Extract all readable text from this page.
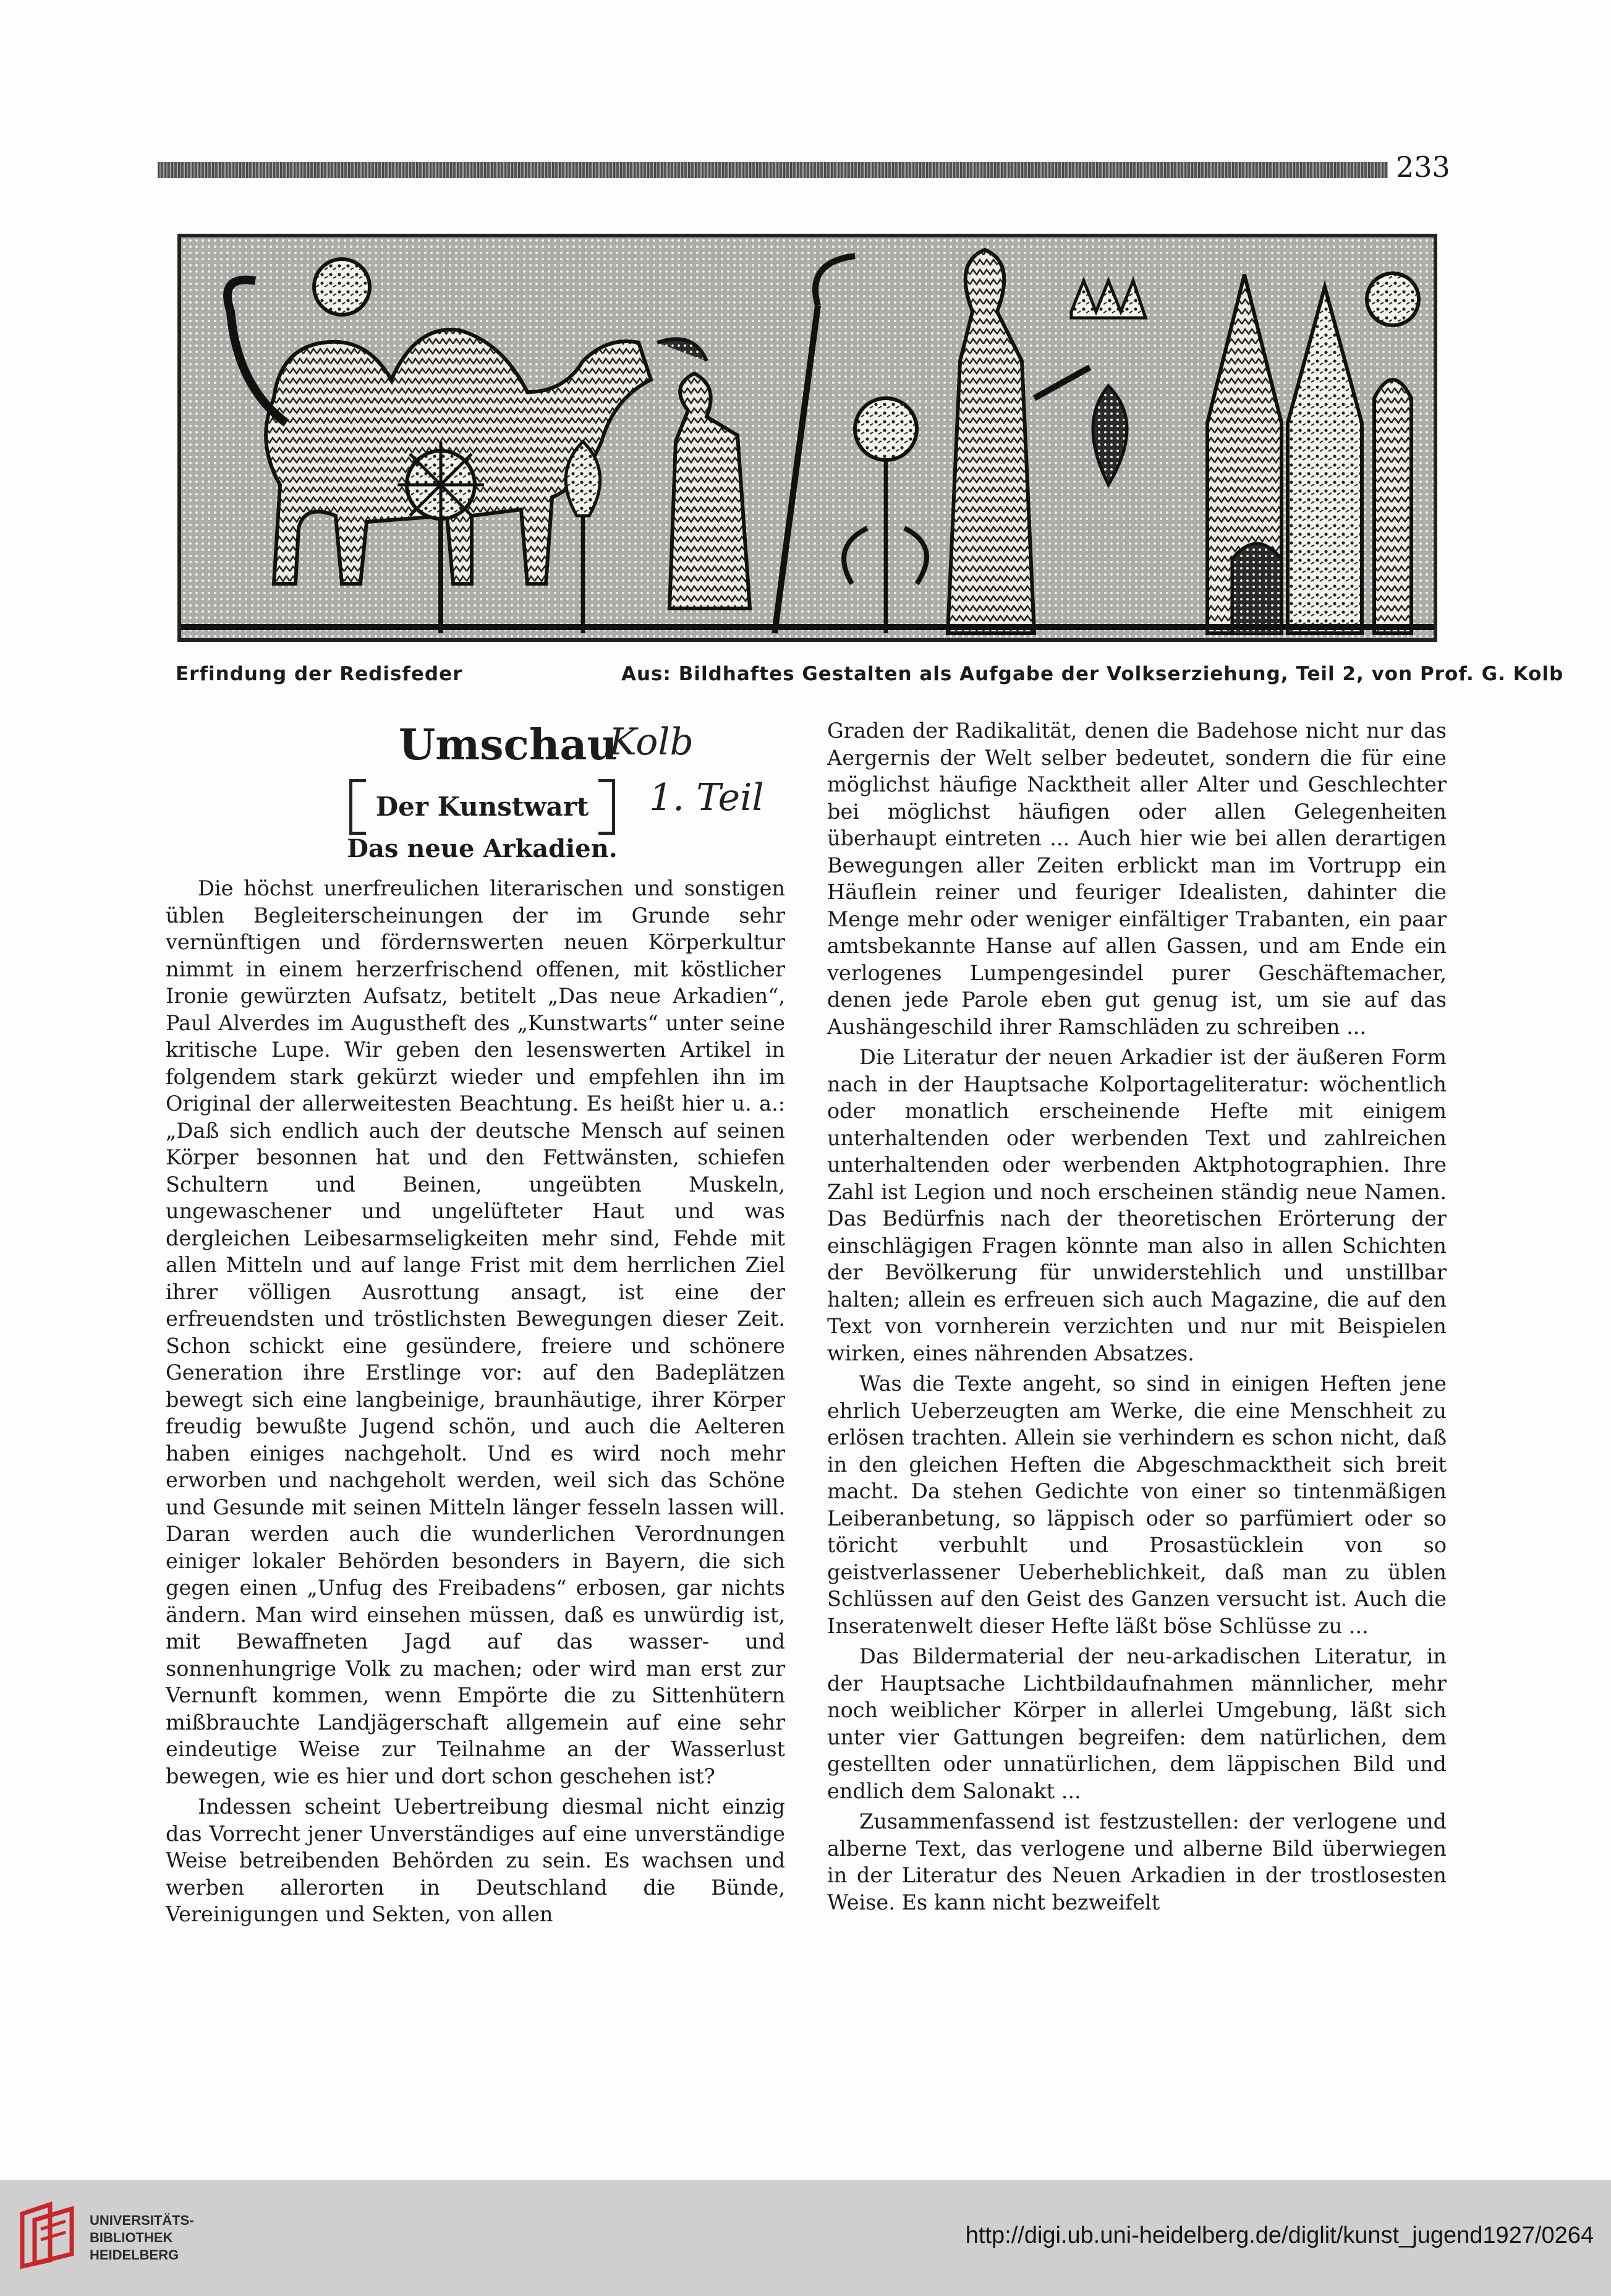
233
Erfindung der Redisfeder	Aus: Bildhaftes Gestalten als Aufgabe der Volkserziehung, Teil 2, von Prof. G. Kolb
Umschau
Kolb
1. Teil
Der Kunstwart
Das neue Arkadien.

Die höchst unerfreulichen literarischen und sonstigen üblen Begleiterscheinungen der im Grunde sehr vernünftigen und fördernswerten neuen Körperkultur nimmt in einem herzerfrischend offenen, mit köstlicher Ironie gewürzten Aufsatz, betitelt „Das neue Arkadien“, Paul Alverdes im Augustheft des „Kunstwarts“ unter seine kritische Lupe. Wir geben den lesenswerten Artikel in folgendem stark gekürzt wieder und empfehlen ihn im Original der allerweitesten Beachtung. Es heißt hier u. a.: „Daß sich endlich auch der deutsche Mensch auf seinen Körper besonnen hat und den Fettwänsten, schiefen Schultern und Beinen, ungeübten Muskeln, ungewaschener und ungelüfteter Haut und was dergleichen Leibesarmseligkeiten mehr sind, Fehde mit allen Mitteln und auf lange Frist mit dem herrlichen Ziel ihrer völligen Ausrottung ansagt, ist eine der erfreuendsten und tröstlichsten Bewegungen dieser Zeit. Schon schickt eine gesündere, freiere und schönere Generation ihre Erstlinge vor: auf den Badeplätzen bewegt sich eine langbeinige, braunhäutige, ihrer Körper freudig bewußte Jugend schön, und auch die Aelteren haben einiges nachgeholt. Und es wird noch mehr erworben und nachgeholt werden, weil sich das Schöne und Gesunde mit seinen Mitteln länger fesseln lassen will. Daran werden auch die wunderlichen Verordnungen einiger lokaler Behörden besonders in Bayern, die sich gegen einen „Unfug des Freibadens“ erbosen, gar nichts ändern. Man wird einsehen müssen, daß es unwürdig ist, mit Bewaffneten Jagd auf das wasser- und sonnenhungrige Volk zu machen; oder wird man erst zur Vernunft kommen, wenn Empörte die zu Sittenhütern mißbrauchte Landjägerschaft allgemein auf eine sehr eindeutige Weise zur Teilnahme an der Wasserlust bewegen, wie es hier und dort schon geschehen ist?

Indessen scheint Uebertreibung diesmal nicht einzig das Vorrecht jener Unverständiges auf eine unverständige Weise betreibenden Behörden zu sein. Es wachsen und werben allerorten in Deutschland die Bünde, Vereinigungen und Sekten, von allen

Graden der Radikalität, denen die Badehose nicht nur das Aergernis der Welt selber bedeutet, sondern die für eine möglichst häufige Nacktheit aller Alter und Geschlechter bei möglichst häufigen oder allen Gelegenheiten überhaupt eintreten ... Auch hier wie bei allen derartigen Bewegungen aller Zeiten erblickt man im Vortrupp ein Häuflein reiner und feuriger Idealisten, dahinter die Menge mehr oder weniger einfältiger Trabanten, ein paar amtsbekannte Hanse auf allen Gassen, und am Ende ein verlogenes Lumpengesindel purer Geschäftemacher, denen jede Parole eben gut genug ist, um sie auf das Aushängeschild ihrer Ramschläden zu schreiben ...

Die Literatur der neuen Arkadier ist der äußeren Form nach in der Hauptsache Kolportageliteratur: wöchentlich oder monatlich erscheinende Hefte mit einigem unterhaltenden oder werbenden Text und zahlreichen unterhaltenden oder werbenden Aktphotographien. Ihre Zahl ist Legion und noch erscheinen ständig neue Namen. Das Bedürfnis nach der theoretischen Erörterung der einschlägigen Fragen könnte man also in allen Schichten der Bevölkerung für unwiderstehlich und unstillbar halten; allein es erfreuen sich auch Magazine, die auf den Text von vornherein verzichten und nur mit Beispielen wirken, eines nährenden Absatzes.

Was die Texte angeht, so sind in einigen Heften jene ehrlich Ueberzeugten am Werke, die eine Menschheit zu erlösen trachten. Allein sie verhindern es schon nicht, daß in den gleichen Heften die Abgeschmacktheit sich breit macht. Da stehen Gedichte von einer so tintenmäßigen Leiberanbetung, so läppisch oder so parfümiert oder so töricht verbuhlt und Prosastücklein von so geistverlassener Ueberheblichkeit, daß man zu üblen Schlüssen auf den Geist des Ganzen versucht ist. Auch die Inseratenwelt dieser Hefte läßt böse Schlüsse zu ...

Das Bildermaterial der neu-arkadischen Literatur, in der Hauptsache Lichtbildaufnahmen männlicher, mehr noch weiblicher Körper in allerlei Umgebung, läßt sich unter vier Gattungen begreifen: dem natürlichen, dem gestellten oder unnatürlichen, dem läppischen Bild und endlich dem Salonakt ...

Zusammenfassend ist festzustellen: der verlogene und alberne Text, das verlogene und alberne Bild überwiegen in der Literatur des Neuen Arkadien in der trostlosesten Weise. Es kann nicht bezweifelt

UNIVERSITÄTS-
BIBLIOTHEK
HEIDELBERG
http://digi.ub.uni-heidelberg.de/diglit/kunst_jugend1927/0264
